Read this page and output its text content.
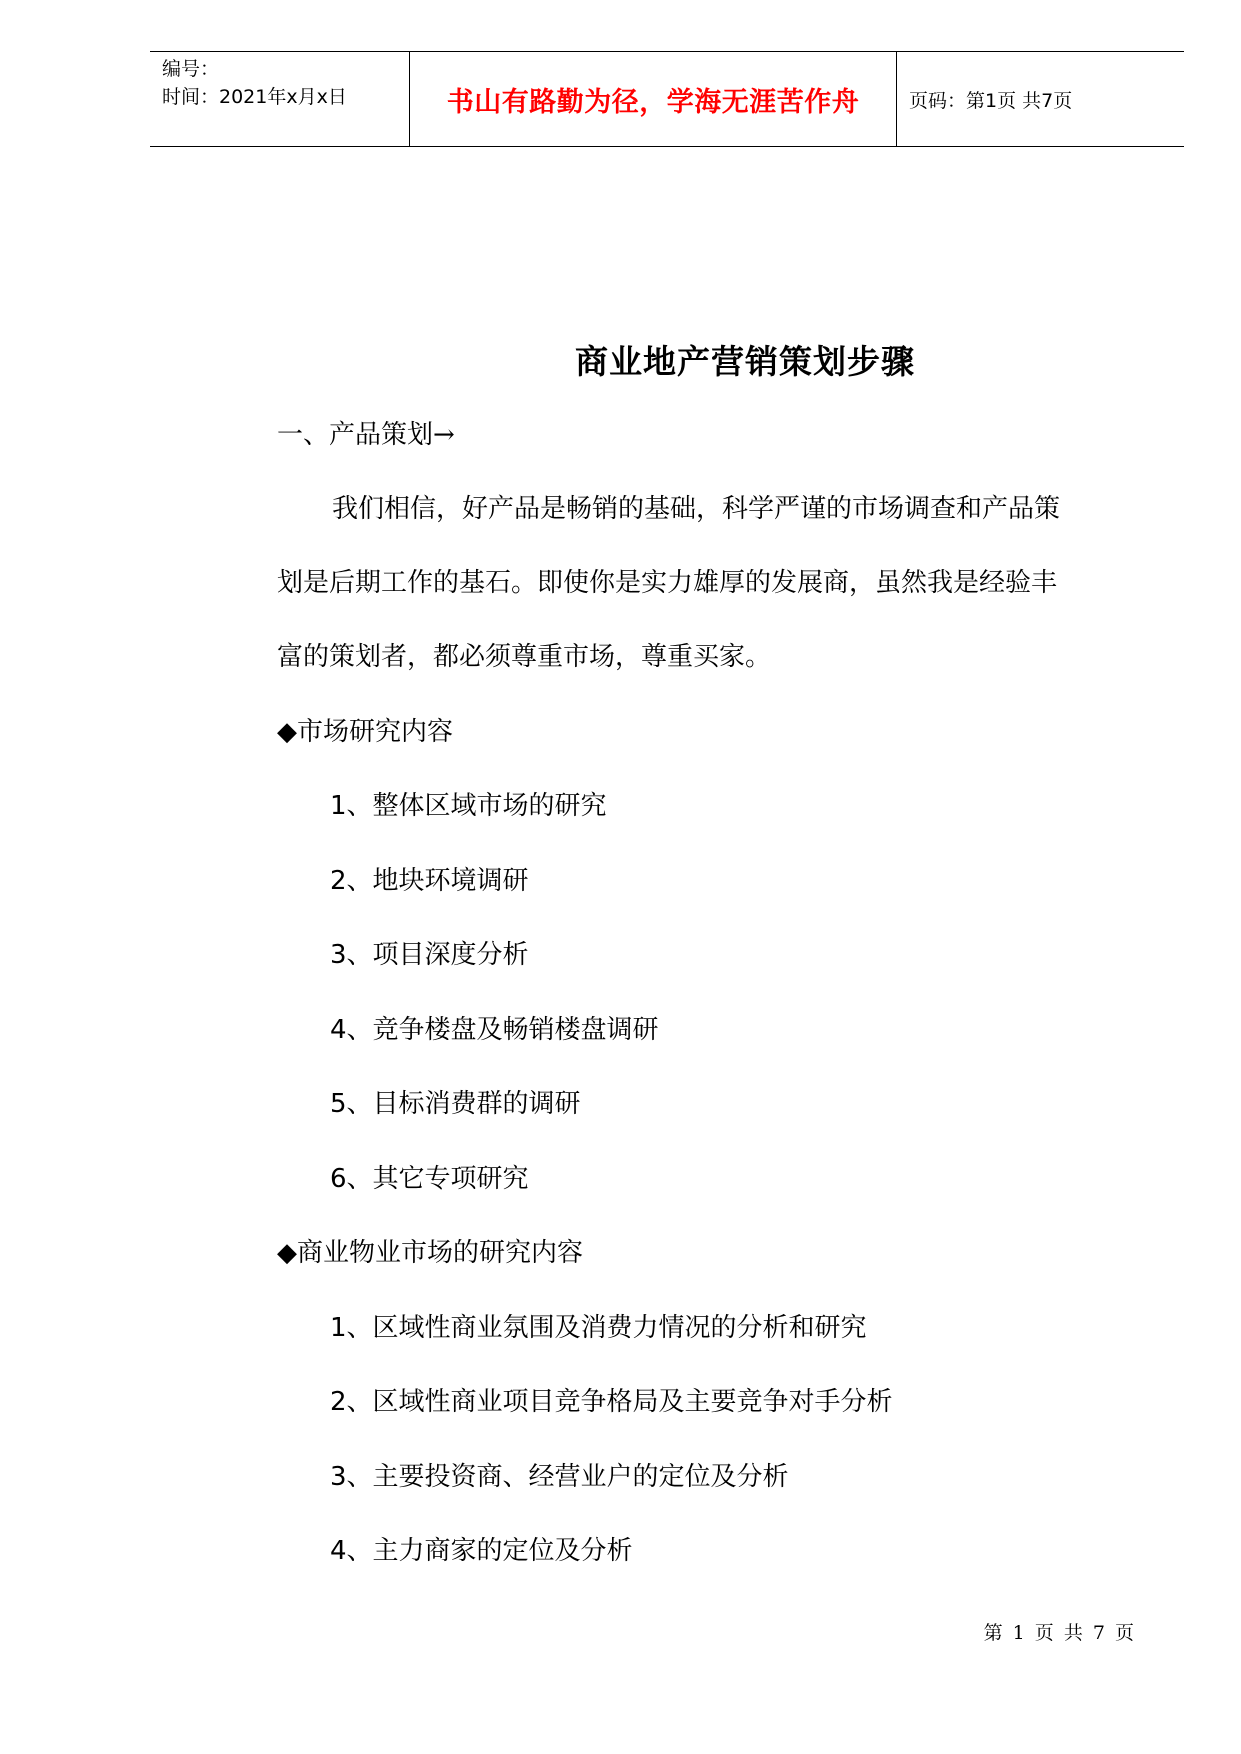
编号：
时间：2021年x月x日	书山有路勤为径，学海无涯苦作舟	页码：第1页 共7页
商业地产营销策划步骤
一、产品策划→
我们相信，好产品是畅销的基础，科学严谨的市场调查和产品策
划是后期工作的基石。即使你是实力雄厚的发展商，虽然我是经验丰
富的策划者，都必须尊重市场，尊重买家。
◆市场研究内容
1、整体区域市场的研究
2、地块环境调研
3、项目深度分析
4、竞争楼盘及畅销楼盘调研
5、目标消费群的调研
6、其它专项研究
◆商业物业市场的研究内容
1、区域性商业氛围及消费力情况的分析和研究
2、区域性商业项目竞争格局及主要竞争对手分析
3、主要投资商、经营业户的定位及分析
4、主力商家的定位及分析
第 1 页 共 7 页
